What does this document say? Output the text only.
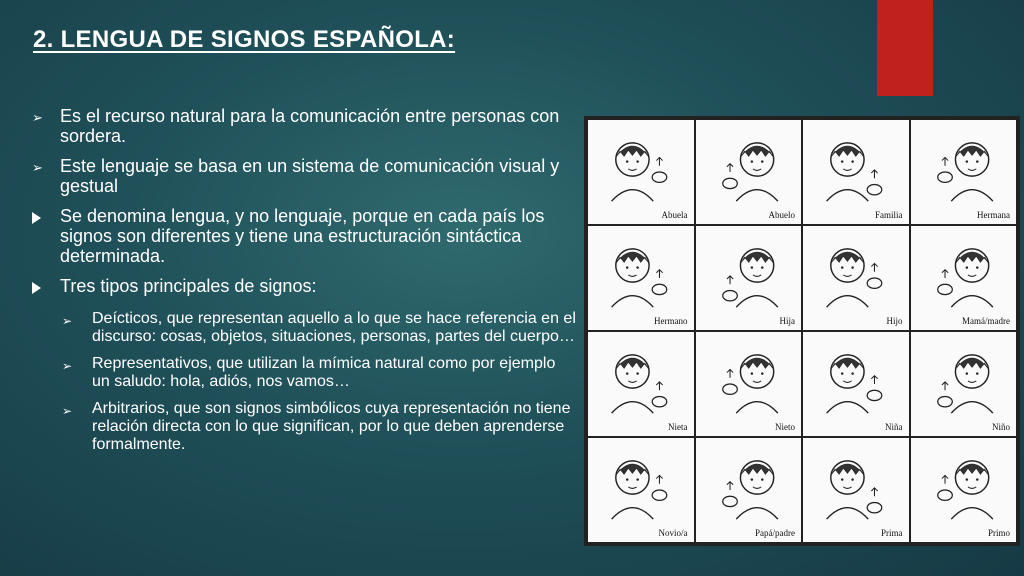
2. LENGUA DE SIGNOS ESPAÑOLA:
➢ Es el recurso natural para la comunicación entre personas con sordera.
➢ Este lenguaje se basa en un sistema de comunicación visual y gestual
Se denomina lengua, y no lenguaje, porque en cada país los signos son diferentes y tiene una estructuración sintáctica determinada.
Tres tipos principales de signos:
➢	Deícticos, que representan aquello a lo que se hace referencia en el discurso: cosas, objetos, situaciones, personas, partes del cuerpo…
➢	Representativos, que utilizan la mímica natural como por ejemplo un saludo: hola, adiós, nos vamos…
➢	Arbitrarios, que son signos simbólicos cuya representación no tiene relación directa con lo que significan, por lo que deben aprenderse formalmente.
Abuela	Abuelo	Familia	Hermana
Hermano	Hija	Hijo	Mamá/madre
Nieta	Nieto	Niña	Niño
Novio/a	Papá/padre	Prima	Primo
